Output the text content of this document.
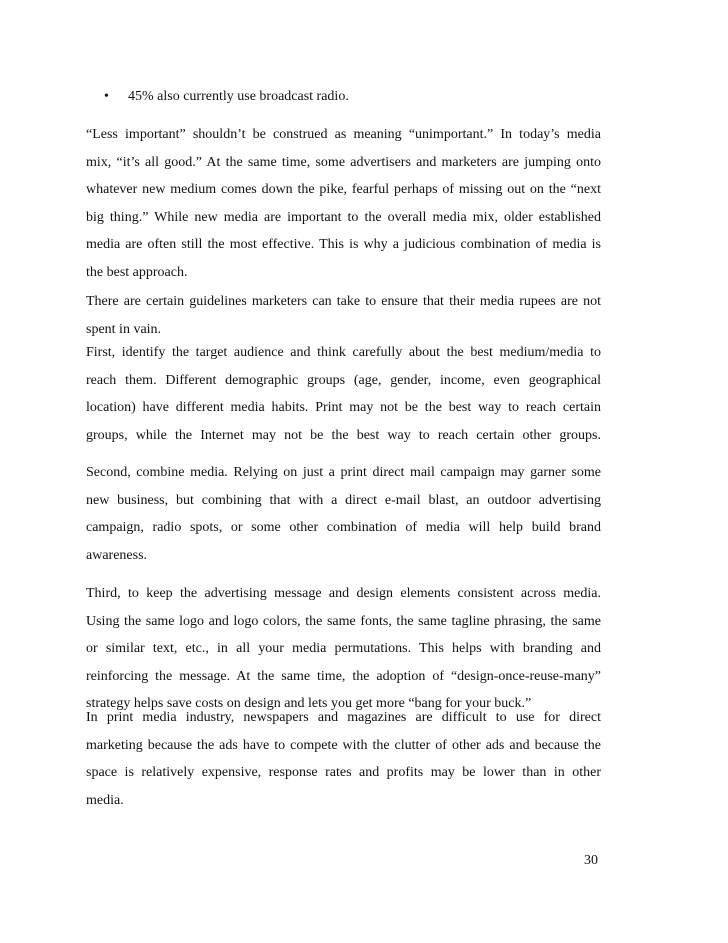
•	45% also currently use broadcast radio.

“Less important” shouldn’t be construed as meaning “unimportant.” In today’s media
mix, “it’s all good.” At the same time, some advertisers and marketers are jumping onto
whatever new medium comes down the pike, fearful perhaps of missing out on the “next
big thing.” While new media are important to the overall media mix, older established
media are often still the most effective. This is why a judicious combination of media is
the best approach.

There are certain guidelines marketers can take to ensure that their media rupees are not
spent in vain.

First, identify the target audience and think carefully about the best medium/media to
reach them. Different demographic groups (age, gender, income, even geographical
location) have different media habits. Print may not be the best way to reach certain
groups, while the Internet may not be the best way to reach certain other groups.

Second, combine media. Relying on just a print direct mail campaign may garner some
new business, but combining that with a direct e-mail blast, an outdoor advertising
campaign, radio spots, or some other combination of media will help build brand
awareness.

Third, to keep the advertising message and design elements consistent across media.
Using the same logo and logo colors, the same fonts, the same tagline phrasing, the same
or similar text, etc., in all your media permutations. This helps with branding and
reinforcing the message. At the same time, the adoption of “design-once-reuse-many”
strategy helps save costs on design and lets you get more “bang for your buck.”

In print media industry, newspapers and magazines are difficult to use for direct
marketing because the ads have to compete with the clutter of other ads and because the
space is relatively expensive, response rates and profits may be lower than in other
media.

30
